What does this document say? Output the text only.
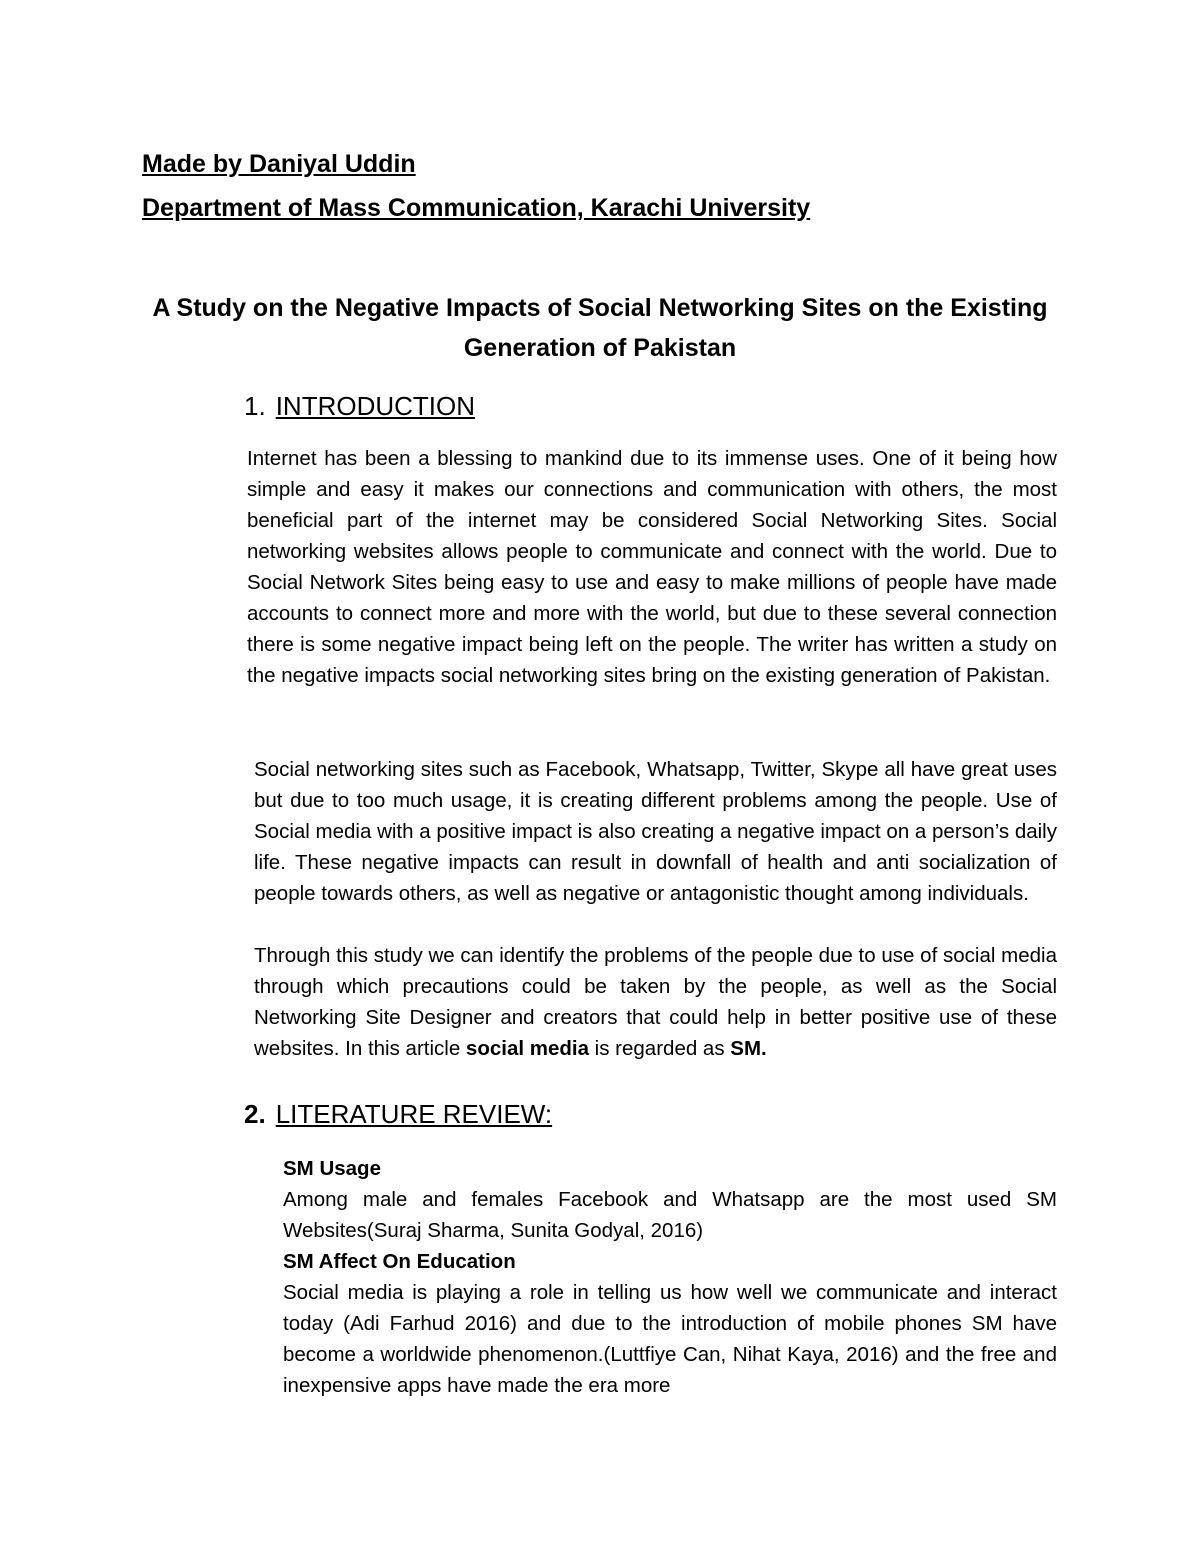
Made by Daniyal Uddin
Department of Mass Communication, Karachi University
A Study on the Negative Impacts of Social Networking Sites on the Existing Generation of Pakistan
1. INTRODUCTION

Internet has been a blessing to mankind due to its immense uses. One of it being how simple and easy it makes our connections and communication with others, the most beneficial part of the internet may be considered Social Networking Sites. Social networking websites allows people to communicate and connect with the world. Due to Social Network Sites being easy to use and easy to make millions of people have made accounts to connect more and more with the world, but due to these several connection there is some negative impact being left on the people. The writer has written a study on the negative impacts social networking sites bring on the existing generation of Pakistan.

Social networking sites such as Facebook, Whatsapp, Twitter, Skype all have great uses but due to too much usage, it is creating different problems among the people. Use of Social media with a positive impact is also creating a negative impact on a person’s daily life. These negative impacts can result in downfall of health and anti socialization of people towards others, as well as negative or antagonistic thought among individuals.

Through this study we can identify the problems of the people due to use of social media through which precautions could be taken by the people, as well as the Social Networking Site Designer and creators that could help in better positive use of these websites. In this article social media is regarded as SM.

2. LITERATURE REVIEW:
SM Usage

Among male and females Facebook and Whatsapp are the most used SM Websites(Suraj Sharma, Sunita Godyal, 2016)

SM Affect On Education

Social media is playing a role in telling us how well we communicate and interact today (Adi Farhud 2016) and due to the introduction of mobile phones SM have become a worldwide phenomenon.(Luttfiye Can, Nihat Kaya, 2016) and the free and inexpensive apps have made the era more
